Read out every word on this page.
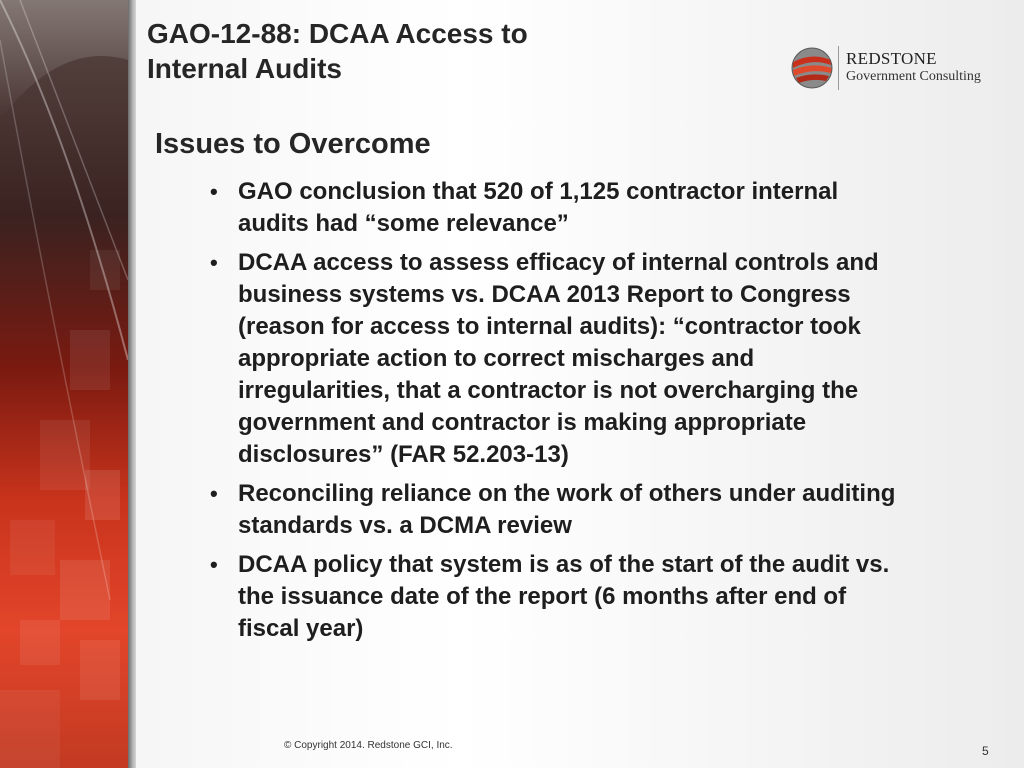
GAO-12-88: DCAA Access to
Internal Audits	REDSTONE
Government Consulting
Issues to Overcome
• GAO conclusion that 520 of 1,125 contractor internal audits had “some relevance”
• DCAA access to assess efficacy of internal controls and business systems vs. DCAA 2013 Report to Congress (reason for access to internal audits): “contractor took appropriate action to correct mischarges and irregularities, that a contractor is not overcharging the government and contractor is making appropriate disclosures” (FAR 52.203-13)
• Reconciling reliance on the work of others under auditing standards vs. a DCMA review
• DCAA policy that system is as of the start of the audit vs. the issuance date of the report (6 months after end of fiscal year)
© Copyright 2014. Redstone GCI, Inc.	5
